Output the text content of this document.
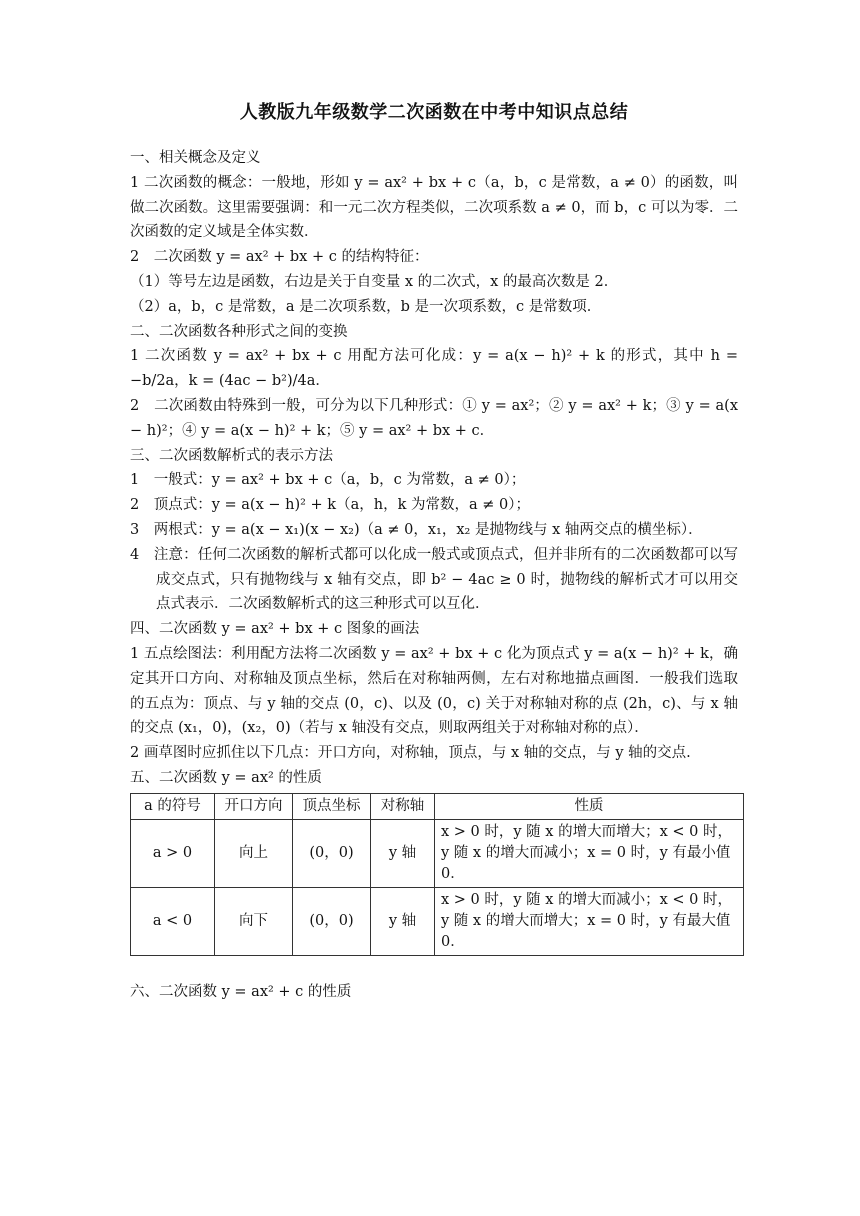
人教版九年级数学二次函数在中考中知识点总结

一、相关概念及定义

1 二次函数的概念：一般地，形如 y = ax² + bx + c（a，b，c 是常数，a ≠ 0）的函数，叫做二次函数。这里需要强调：和一元二次方程类似，二次项系数 a ≠ 0，而 b，c 可以为零．二次函数的定义域是全体实数．

2　二次函数 y = ax² + bx + c 的结构特征：

（1）等号左边是函数，右边是关于自变量 x 的二次式，x 的最高次数是 2．

（2）a，b，c 是常数，a 是二次项系数，b 是一次项系数，c 是常数项．

二、二次函数各种形式之间的变换

1 二次函数 y = ax² + bx + c 用配方法可化成：y = a(x − h)² + k 的形式，其中 h = −b/2a，k = (4ac − b²)/4a．

2　二次函数由特殊到一般，可分为以下几种形式：① y = ax²；② y = ax² + k；③ y = a(x − h)²；④ y = a(x − h)² + k；⑤ y = ax² + bx + c．

三、二次函数解析式的表示方法

1　一般式：y = ax² + bx + c（a，b，c 为常数，a ≠ 0）；

2　顶点式：y = a(x − h)² + k（a，h，k 为常数，a ≠ 0）；

3　两根式：y = a(x − x₁)(x − x₂)（a ≠ 0，x₁，x₂ 是抛物线与 x 轴两交点的横坐标）．

4　注意：任何二次函数的解析式都可以化成一般式或顶点式，但并非所有的二次函数都可以写成交点式，只有抛物线与 x 轴有交点，即 b² − 4ac ≥ 0 时，抛物线的解析式才可以用交点式表示．二次函数解析式的这三种形式可以互化．

四、二次函数 y = ax² + bx + c 图象的画法

1 五点绘图法：利用配方法将二次函数 y = ax² + bx + c 化为顶点式 y = a(x − h)² + k，确定其开口方向、对称轴及顶点坐标，然后在对称轴两侧，左右对称地描点画图．一般我们选取的五点为：顶点、与 y 轴的交点 (0，c)、以及 (0，c) 关于对称轴对称的点 (2h，c)、与 x 轴的交点 (x₁，0)，(x₂，0)（若与 x 轴没有交点，则取两组关于对称轴对称的点）．

2 画草图时应抓住以下几点：开口方向，对称轴，顶点，与 x 轴的交点，与 y 轴的交点.

五、二次函数 y = ax² 的性质

a 的符号	开口方向	顶点坐标	对称轴	性质
a > 0	向上	(0，0)	y 轴	x > 0 时，y 随 x 的增大而增大；x < 0 时，y 随 x 的增大而减小；x = 0 时，y 有最小值 0．
a < 0	向下	(0，0)	y 轴	x > 0 时，y 随 x 的增大而减小；x < 0 时，y 随 x 的增大而增大；x = 0 时，y 有最大值 0．

六、二次函数 y = ax² + c 的性质
